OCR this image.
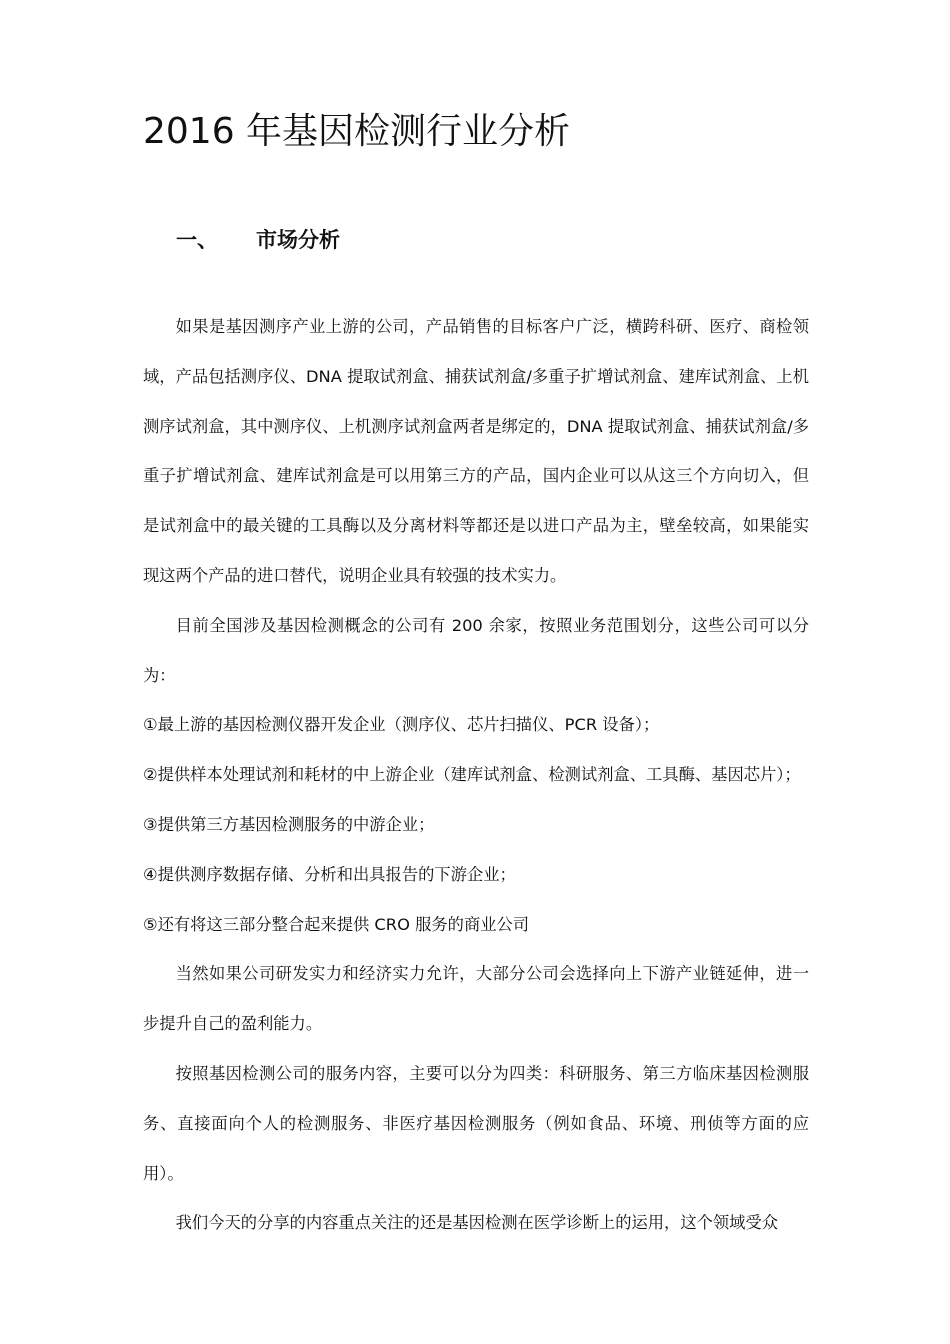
2016 年基因检测行业分析
一、 市场分析

如果是基因测序产业上游的公司，产品销售的目标客户广泛，横跨科研、医疗、商检领域，产品包括测序仪、DNA 提取试剂盒、捕获试剂盒/多重子扩增试剂盒、建库试剂盒、上机测序试剂盒，其中测序仪、上机测序试剂盒两者是绑定的，DNA 提取试剂盒、捕获试剂盒/多重子扩增试剂盒、建库试剂盒是可以用第三方的产品，国内企业可以从这三个方向切入，但是试剂盒中的最关键的工具酶以及分离材料等都还是以进口产品为主，壁垒较高，如果能实现这两个产品的进口替代，说明企业具有较强的技术实力。

目前全国涉及基因检测概念的公司有 200 余家，按照业务范围划分，这些公司可以分为：

①最上游的基因检测仪器开发企业（测序仪、芯片扫描仪、PCR 设备）；

②提供样本处理试剂和耗材的中上游企业（建库试剂盒、检测试剂盒、工具酶、基因芯片）；

③提供第三方基因检测服务的中游企业；

④提供测序数据存储、分析和出具报告的下游企业；

⑤还有将这三部分整合起来提供 CRO 服务的商业公司

当然如果公司研发实力和经济实力允许，大部分公司会选择向上下游产业链延伸，进一步提升自己的盈利能力。

按照基因检测公司的服务内容，主要可以分为四类：科研服务、第三方临床基因检测服务、直接面向个人的检测服务、非医疗基因检测服务（例如食品、环境、刑侦等方面的应用）。

我们今天的分享的内容重点关注的还是基因检测在医学诊断上的运用，这个领域受众
